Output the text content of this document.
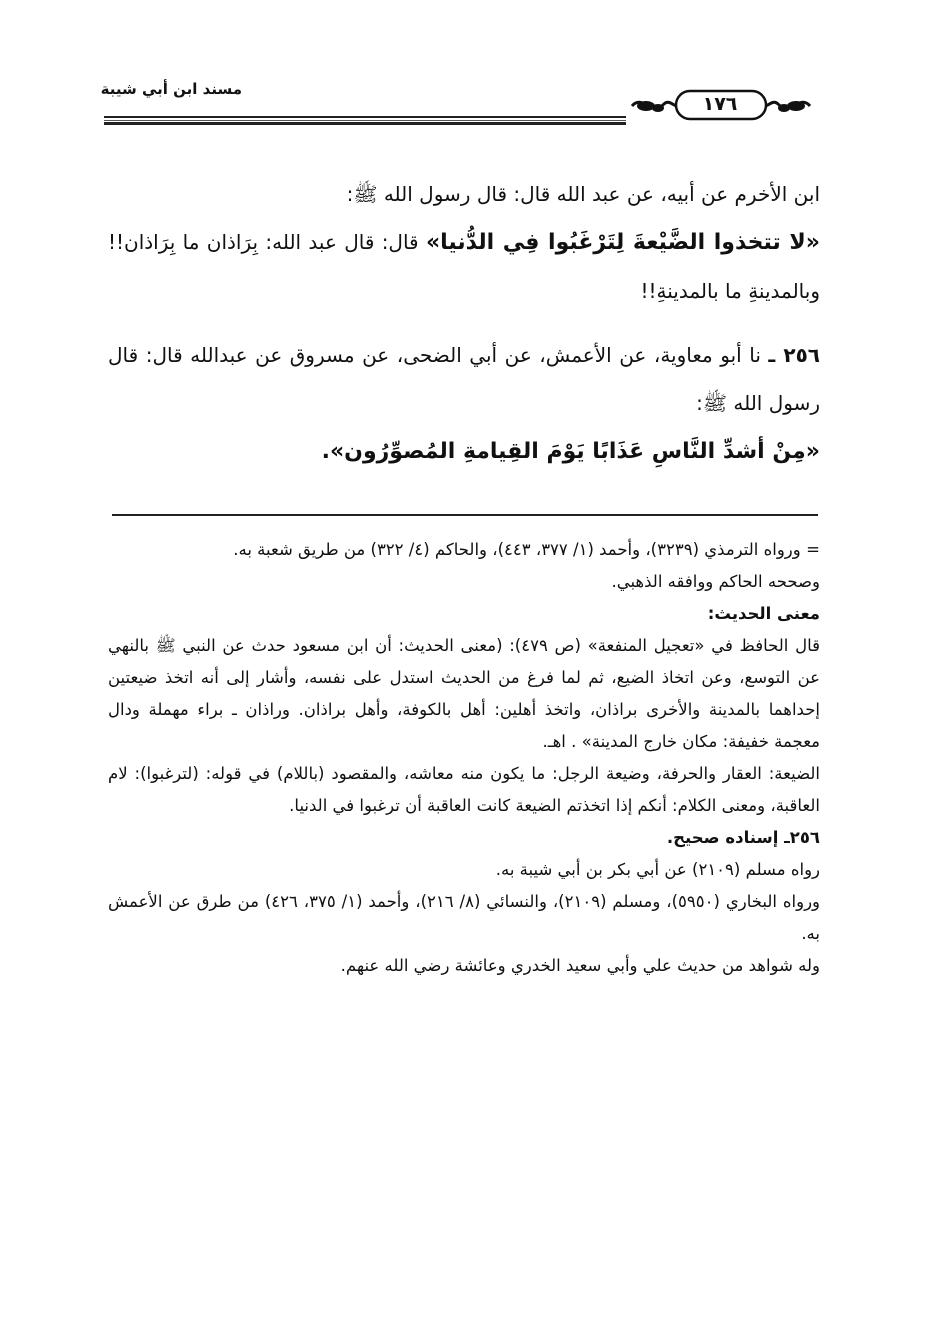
مسند ابن أبي شيبة
١٧٦

ابن الأخرم عن أبيه، عن عبد الله قال: قال رسول الله ﷺ:
«لا تتخذوا الضَّيْعةَ لِتَرْغَبُوا فِي الدُّنيا» قال: قال عبد الله: بِرَاذان ما بِرَاذان!! وبالمدينةِ ما بالمدينةِ!!

٢٥٦ ـ نا أبو معاوية، عن الأعمش، عن أبي الضحى، عن مسروق عن عبدالله قال: قال رسول الله ﷺ:

«مِنْ أشدِّ النَّاسِ عَذَابًا يَوْمَ القِيامةِ المُصوِّرُون».

= ورواه الترمذي (٣٢٣٩)، وأحمد (١/ ٣٧٧، ٤٤٣)، والحاكم (٤/ ٣٢٢) من طريق شعبة به.

وصححه الحاكم ووافقه الذهبي.

معنى الحديث:

قال الحافظ في «تعجيل المنفعة» (ص ٤٧٩): (معنى الحديث: أن ابن مسعود حدث عن النبي ﷺ بالنهي عن التوسع، وعن اتخاذ الضيع، ثم لما فرغ من الحديث استدل على نفسه، وأشار إلى أنه اتخذ ضيعتين إحداهما بالمدينة والأخرى براذان، واتخذ أهلين: أهل بالكوفة، وأهل براذان. وراذان ـ براء مهملة ودال معجمة خفيفة: مكان خارج المدينة» . اهـ.

الضيعة: العقار والحرفة، وضيعة الرجل: ما يكون منه معاشه، والمقصود (باللام) في قوله: (لترغبوا): لام العاقبة، ومعنى الكلام: أنكم إذا اتخذتم الضيعة كانت العاقبة أن ترغبوا في الدنيا.

٢٥٦ـ إسناده صحيح.

رواه مسلم (٢١٠٩) عن أبي بكر بن أبي شيبة به.

ورواه البخاري (٥٩٥٠)، ومسلم (٢١٠٩)، والنسائي (٨/ ٢١٦)، وأحمد (١/ ٣٧٥، ٤٢٦) من طرق عن الأعمش به.

وله شواهد من حديث علي وأبي سعيد الخدري وعائشة رضي الله عنهم.
